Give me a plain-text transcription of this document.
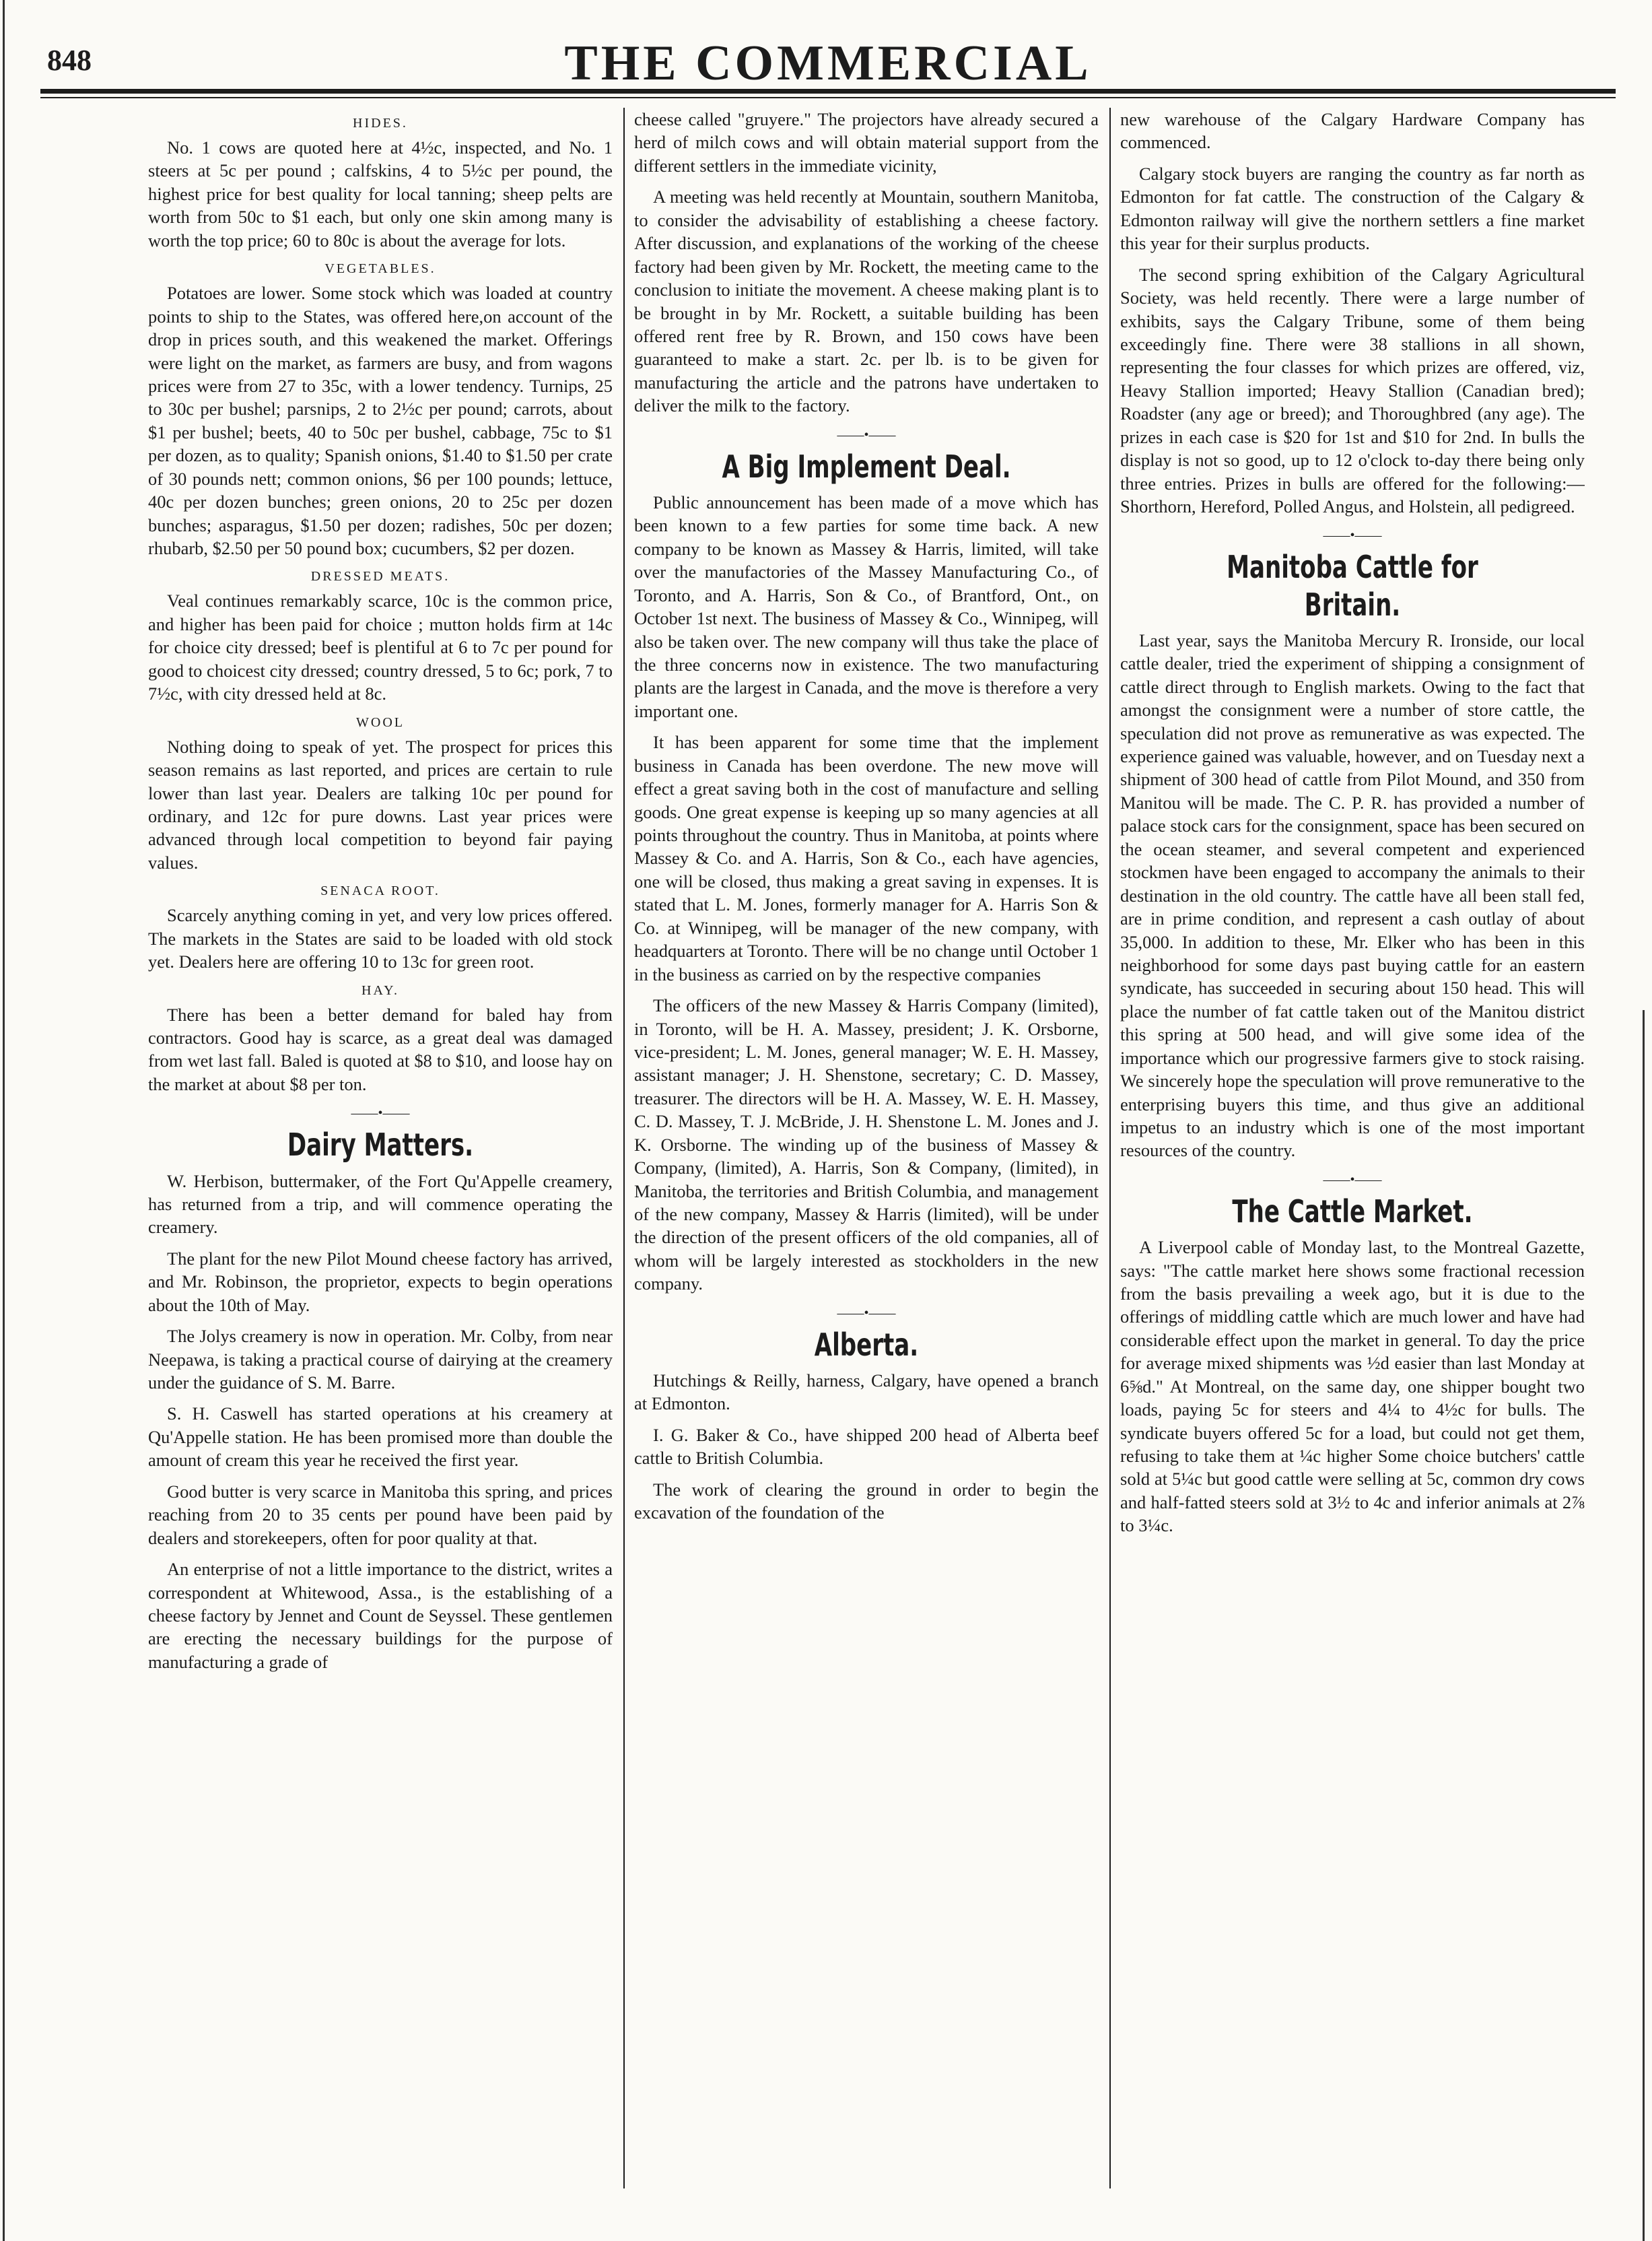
848	THE COMMERCIAL
HIDES.

No. 1 cows are quoted here at 4½c, inspected, and No. 1 steers at 5c per pound ; calfskins, 4 to 5½c per pound, the highest price for best quality for local tanning; sheep pelts are worth from 50c to $1 each, but only one skin among many is worth the top price; 60 to 80c is about the average for lots.

VEGETABLES.

Potatoes are lower. Some stock which was loaded at country points to ship to the States, was offered here,on account of the drop in prices south, and this weakened the market. Offerings were light on the market, as farmers are busy, and from wagons prices were from 27 to 35c, with a lower tendency. Turnips, 25 to 30c per bushel; parsnips, 2 to 2½c per pound; carrots, about $1 per bushel; beets, 40 to 50c per bushel, cabbage, 75c to $1 per dozen, as to quality; Spanish onions, $1.40 to $1.50 per crate of 30 pounds nett; common onions, $6 per 100 pounds; lettuce, 40c per dozen bunches; green onions, 20 to 25c per dozen bunches; asparagus, $1.50 per dozen; radishes, 50c per dozen; rhubarb, $2.50 per 50 pound box; cucumbers, $2 per dozen.

DRESSED MEATS.

Veal continues remarkably scarce, 10c is the common price, and higher has been paid for choice ; mutton holds firm at 14c for choice city dressed; beef is plentiful at 6 to 7c per pound for good to choicest city dressed; country dressed, 5 to 6c; pork, 7 to 7½c, with city dressed held at 8c.

WOOL

Nothing doing to speak of yet. The prospect for prices this season remains as last reported, and prices are certain to rule lower than last year. Dealers are talking 10c per pound for ordinary, and 12c for pure downs. Last year prices were advanced through local competition to beyond fair paying values.

SENACA ROOT.

Scarcely anything coming in yet, and very low prices offered. The markets in the States are said to be loaded with old stock yet. Dealers here are offering 10 to 13c for green root.

HAY.

There has been a better demand for baled hay from contractors. Good hay is scarce, as a great deal was damaged from wet last fall. Baled is quoted at $8 to $10, and loose hay on the market at about $8 per ton.

——•——
Dairy Matters.

W. Herbison, buttermaker, of the Fort Qu'Appelle creamery, has returned from a trip, and will commence operating the creamery.

The plant for the new Pilot Mound cheese factory has arrived, and Mr. Robinson, the proprietor, expects to begin operations about the 10th of May.

The Jolys creamery is now in operation. Mr. Colby, from near Neepawa, is taking a practical course of dairying at the creamery under the guidance of S. M. Barre.

S. H. Caswell has started operations at his creamery at Qu'Appelle station. He has been promised more than double the amount of cream this year he received the first year.

Good butter is very scarce in Manitoba this spring, and prices reaching from 20 to 35 cents per pound have been paid by dealers and storekeepers, often for poor quality at that.

An enterprise of not a little importance to the district, writes a correspondent at Whitewood, Assa., is the establishing of a cheese factory by Jennet and Count de Seyssel. These gentlemen are erecting the necessary buildings for the purpose of manufacturing a grade of

cheese called "gruyere." The projectors have already secured a herd of milch cows and will obtain material support from the different settlers in the immediate vicinity,

A meeting was held recently at Mountain, southern Manitoba, to consider the advisability of establishing a cheese factory. After discussion, and explanations of the working of the cheese factory had been given by Mr. Rockett, the meeting came to the conclusion to initiate the movement. A cheese making plant is to be brought in by Mr. Rockett, a suitable building has been offered rent free by R. Brown, and 150 cows have been guaranteed to make a start. 2c. per lb. is to be given for manufacturing the article and the patrons have undertaken to deliver the milk to the factory.

——•——
A Big Implement Deal.

Public announcement has been made of a move which has been known to a few parties for some time back. A new company to be known as Massey & Harris, limited, will take over the manufactories of the Massey Manufacturing Co., of Toronto, and A. Harris, Son & Co., of Brantford, Ont., on October 1st next. The business of Massey & Co., Winnipeg, will also be taken over. The new company will thus take the place of the three concerns now in existence. The two manufacturing plants are the largest in Canada, and the move is therefore a very important one.

It has been apparent for some time that the implement business in Canada has been overdone. The new move will effect a great saving both in the cost of manufacture and selling goods. One great expense is keeping up so many agencies at all points throughout the country. Thus in Manitoba, at points where Massey & Co. and A. Harris, Son & Co., each have agencies, one will be closed, thus making a great saving in expenses. It is stated that L. M. Jones, formerly manager for A. Harris Son & Co. at Winnipeg, will be manager of the new company, with headquarters at Toronto. There will be no change until October 1 in the business as carried on by the respective companies

The officers of the new Massey & Harris Company (limited), in Toronto, will be H. A. Massey, president; J. K. Orsborne, vice-president; L. M. Jones, general manager; W. E. H. Massey, assistant manager; J. H. Shenstone, secretary; C. D. Massey, treasurer. The directors will be H. A. Massey, W. E. H. Massey, C. D. Massey, T. J. McBride, J. H. Shenstone L. M. Jones and J. K. Orsborne. The winding up of the business of Massey & Company, (limited), A. Harris, Son & Company, (limited), in Manitoba, the territories and British Columbia, and management of the new company, Massey & Harris (limited), will be under the direction of the present officers of the old companies, all of whom will be largely interested as stockholders in the new company.

——•——
Alberta.

Hutchings & Reilly, harness, Calgary, have opened a branch at Edmonton.

I. G. Baker & Co., have shipped 200 head of Alberta beef cattle to British Columbia.

The work of clearing the ground in order to begin the excavation of the foundation of the

new warehouse of the Calgary Hardware Company has commenced.

Calgary stock buyers are ranging the country as far north as Edmonton for fat cattle. The construction of the Calgary & Edmonton railway will give the northern settlers a fine market this year for their surplus products.

The second spring exhibition of the Calgary Agricultural Society, was held recently. There were a large number of exhibits, says the Calgary Tribune, some of them being exceedingly fine. There were 38 stallions in all shown, representing the four classes for which prizes are offered, viz, Heavy Stallion imported; Heavy Stallion (Canadian bred); Roadster (any age or breed); and Thoroughbred (any age). The prizes in each case is $20 for 1st and $10 for 2nd. In bulls the display is not so good, up to 12 o'clock to-day there being only three entries. Prizes in bulls are offered for the following:—Shorthorn, Hereford, Polled Angus, and Holstein, all pedigreed.

——•——
Manitoba Cattle for Britain.

Last year, says the Manitoba Mercury R. Ironside, our local cattle dealer, tried the experiment of shipping a consignment of cattle direct through to English markets. Owing to the fact that amongst the consignment were a number of store cattle, the speculation did not prove as remunerative as was expected. The experience gained was valuable, however, and on Tuesday next a shipment of 300 head of cattle from Pilot Mound, and 350 from Manitou will be made. The C. P. R. has provided a number of palace stock cars for the consignment, space has been secured on the ocean steamer, and several competent and experienced stockmen have been engaged to accompany the animals to their destination in the old country. The cattle have all been stall fed, are in prime condition, and represent a cash outlay of about 35,000. In addition to these, Mr. Elker who has been in this neighborhood for some days past buying cattle for an eastern syndicate, has succeeded in securing about 150 head. This will place the number of fat cattle taken out of the Manitou district this spring at 500 head, and will give some idea of the importance which our progressive farmers give to stock raising. We sincerely hope the speculation will prove remunerative to the enterprising buyers this time, and thus give an additional impetus to an industry which is one of the most important resources of the country.

——•——
The Cattle Market.

A Liverpool cable of Monday last, to the Montreal Gazette, says: "The cattle market here shows some fractional recession from the basis prevailing a week ago, but it is due to the offerings of middling cattle which are much lower and have had considerable effect upon the market in general. To day the price for average mixed shipments was ½d easier than last Monday at 6⅝d." At Montreal, on the same day, one shipper bought two loads, paying 5c for steers and 4¼ to 4½c for bulls. The syndicate buyers offered 5c for a load, but could not get them, refusing to take them at ¼c higher Some choice butchers' cattle sold at 5¼c but good cattle were selling at 5c, common dry cows and half-fatted steers sold at 3½ to 4c and inferior animals at 2⅞ to 3¼c.
